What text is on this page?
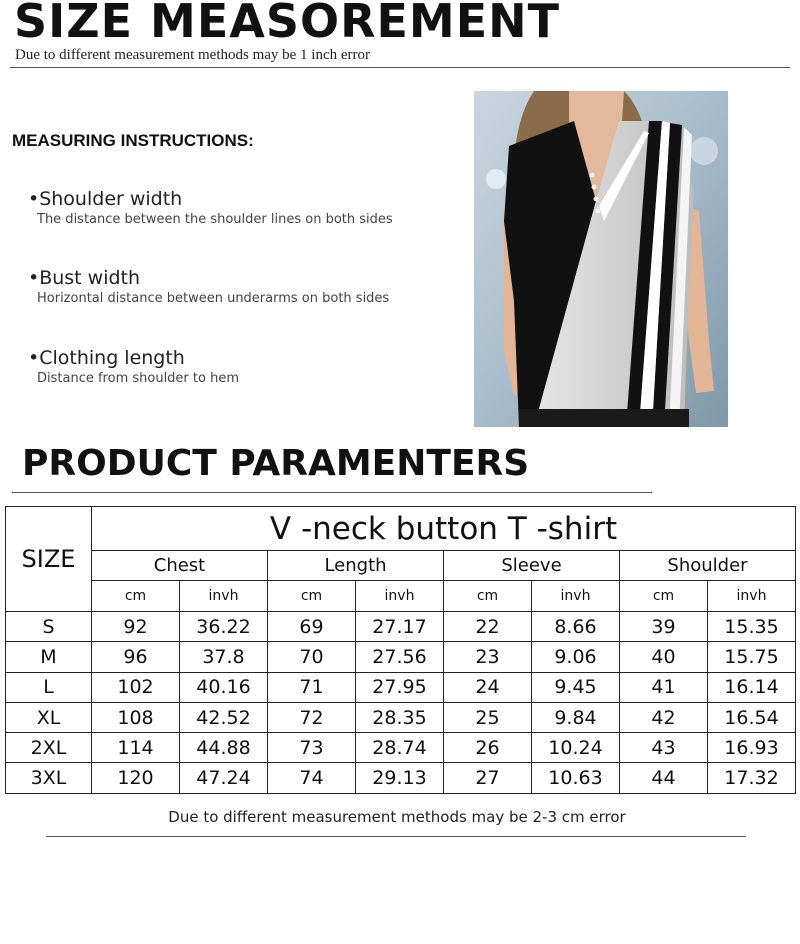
SIZE MEASOREMENT
Due to different measurement methods may be 1 inch error
MEASURING INSTRUCTIONS:
•Shoulder width
The distance between the shoulder lines on both sides
•Bust width
Horizontal distance between underarms on both sides
•Clothing length
Distance from shoulder to hem
PRODUCT PARAMENTERS
SIZE	V -neck button T -shirt							
	Chest		Length		Sleeve		Shoulder	
	cm	invh	cm	invh	cm	invh	cm	invh
S	92	36.22	69	27.17	22	8.66	39	15.35
M	96	37.8	70	27.56	23	9.06	40	15.75
L	102	40.16	71	27.95	24	9.45	41	16.14
XL	108	42.52	72	28.35	25	9.84	42	16.54
2XL	114	44.88	73	28.74	26	10.24	43	16.93
3XL	120	47.24	74	29.13	27	10.63	44	17.32
Due to different measurement methods may be 2-3 cm error
